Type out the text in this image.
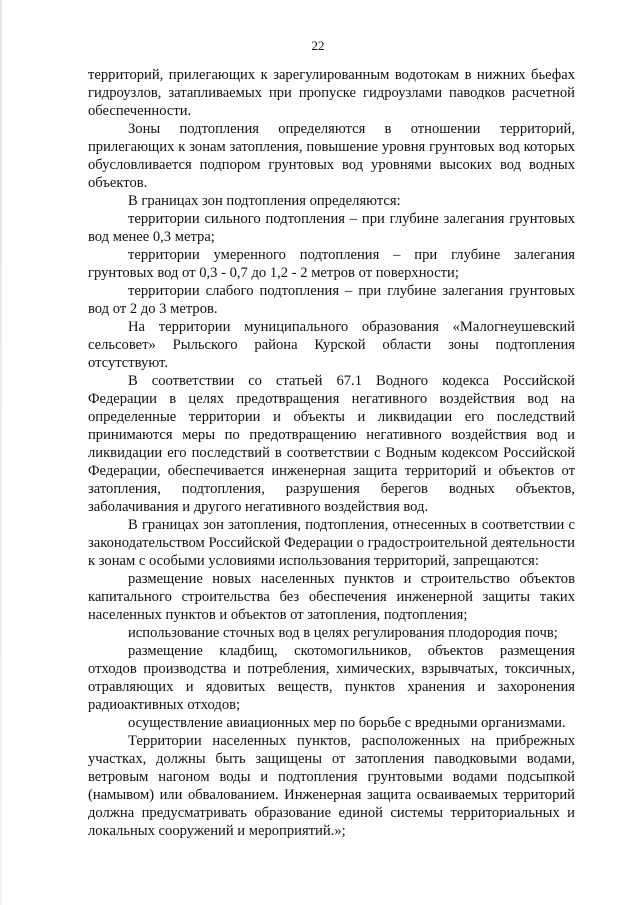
22

территорий, прилегающих к зарегулированным водотокам в нижних бьефах гидроузлов, затапливаемых при пропуске гидроузлами паводков расчетной обеспеченности.

Зоны подтопления определяются в отношении территорий, прилегающих к зонам затопления, повышение уровня грунтовых вод которых обусловливается подпором грунтовых вод уровнями высоких вод водных объектов.

В границах зон подтопления определяются:

территории сильного подтопления – при глубине залегания грунтовых вод менее 0,3 метра;

территории умеренного подтопления – при глубине залегания грунтовых вод от 0,3 - 0,7 до 1,2 - 2 метров от поверхности;

территории слабого подтопления – при глубине залегания грунтовых вод от 2 до 3 метров.

На территории муниципального образования «Малогнеушевский сельсовет» Рыльского района Курской области зоны подтопления отсутствуют.

В соответствии со статьей 67.1 Водного кодекса Российской Федерации в целях предотвращения негативного воздействия вод на определенные территории и объекты и ликвидации его последствий принимаются меры по предотвращению негативного воздействия вод и ликвидации его последствий в соответствии с Водным кодексом Российской Федерации, обеспечивается инженерная защита территорий и объектов от затопления, подтопления, разрушения берегов водных объектов, заболачивания и другого негативного воздействия вод.

В границах зон затопления, подтопления, отнесенных в соответствии с законодательством Российской Федерации о градостроительной деятельности к зонам с особыми условиями использования территорий, запрещаются:

размещение новых населенных пунктов и строительство объектов капитального строительства без обеспечения инженерной защиты таких населенных пунктов и объектов от затопления, подтопления;

использование сточных вод в целях регулирования плодородия почв;

размещение кладбищ, скотомогильников, объектов размещения отходов производства и потребления, химических, взрывчатых, токсичных, отравляющих и ядовитых веществ, пунктов хранения и захоронения радиоактивных отходов;

осуществление авиационных мер по борьбе с вредными организмами.

Территории населенных пунктов, расположенных на прибрежных участках, должны быть защищены от затопления паводковыми водами, ветровым нагоном воды и подтопления грунтовыми водами подсыпкой (намывом) или обвалованием. Инженерная защита осваиваемых территорий должна предусматривать образование единой системы территориальных и локальных сооружений и мероприятий.»;
